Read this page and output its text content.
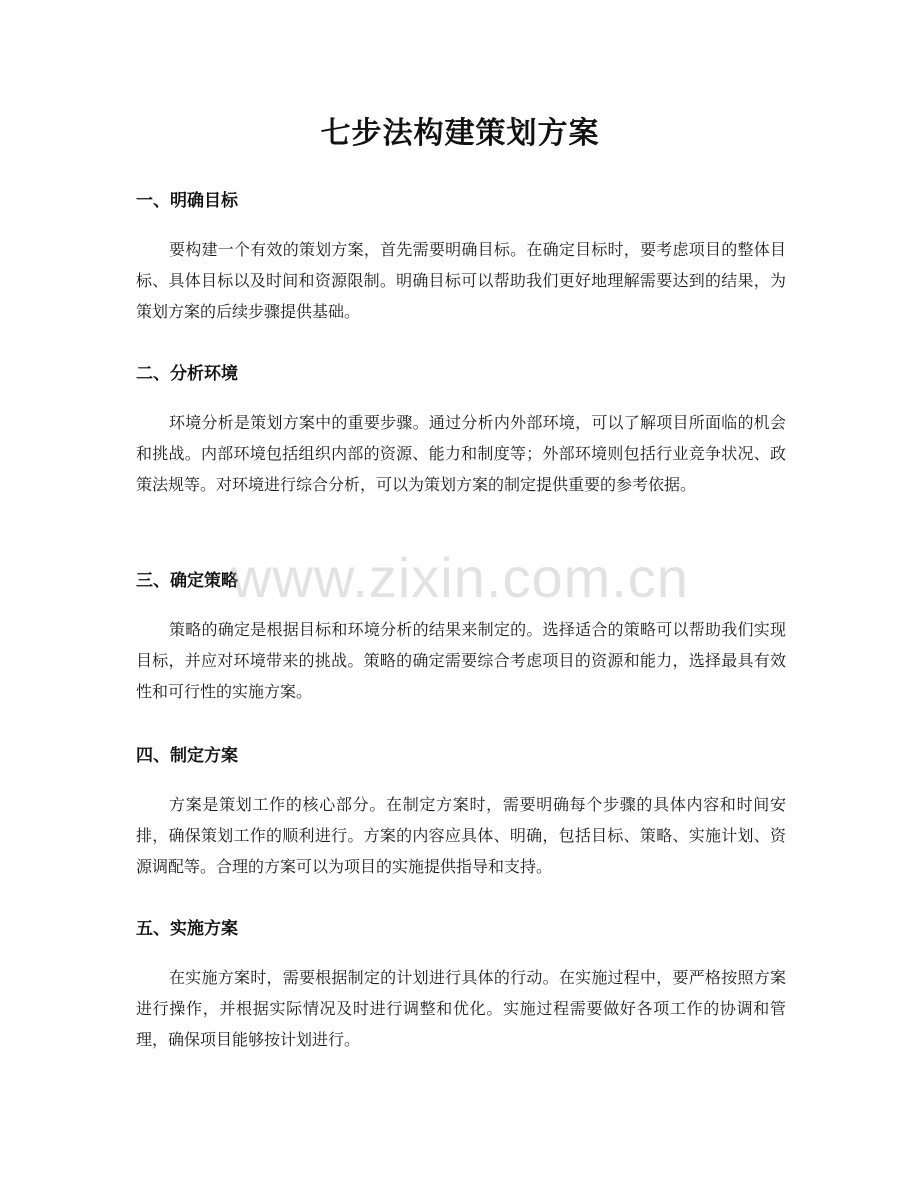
七步法构建策划方案
一、明确目标

要构建一个有效的策划方案，首先需要明确目标。在确定目标时，要考虑项目的整体目标、具体目标以及时间和资源限制。明确目标可以帮助我们更好地理解需要达到的结果，为策划方案的后续步骤提供基础。

二、分析环境

环境分析是策划方案中的重要步骤。通过分析内外部环境，可以了解项目所面临的机会和挑战。内部环境包括组织内部的资源、能力和制度等；外部环境则包括行业竞争状况、政策法规等。对环境进行综合分析，可以为策划方案的制定提供重要的参考依据。

三、确定策略

策略的确定是根据目标和环境分析的结果来制定的。选择适合的策略可以帮助我们实现目标，并应对环境带来的挑战。策略的确定需要综合考虑项目的资源和能力，选择最具有效性和可行性的实施方案。

四、制定方案

方案是策划工作的核心部分。在制定方案时，需要明确每个步骤的具体内容和时间安排，确保策划工作的顺利进行。方案的内容应具体、明确，包括目标、策略、实施计划、资源调配等。合理的方案可以为项目的实施提供指导和支持。

五、实施方案

在实施方案时，需要根据制定的计划进行具体的行动。在实施过程中，要严格按照方案进行操作，并根据实际情况及时进行调整和优化。实施过程需要做好各项工作的协调和管理，确保项目能够按计划进行。

www.zixin.com.cn
